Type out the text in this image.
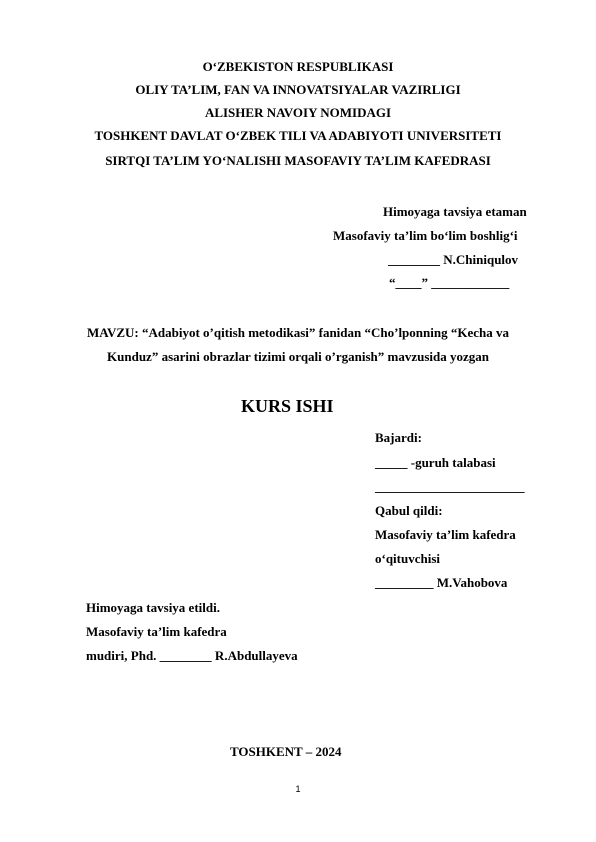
O‘ZBEKISTON RESPUBLIKASI
OLIY TA’LIM, FAN VA INNOVATSIYALAR VAZIRLIGI
ALISHER NAVOIY NOMIDAGI
TOSHKENT DAVLAT O‘ZBEK TILI VA ADABIYOTI UNIVERSITETI
SIRTQI TA’LIM YO‘NALISHI MASOFAVIY TA’LIM KAFEDRASI
Himoyaga tavsiya etaman
Masofaviy ta’lim bo‘lim boshlig‘i
________ N.Chiniqulov
“____” ____________
MAVZU: “Adabiyot o’qitish metodikasi” fanidan “Cho’lponning “Kecha va
Kunduz” asarini obrazlar tizimi orqali o’rganish” mavzusida yozgan
KURS ISHI
Bajardi:
_____ -guruh talabasi
_______________________
Qabul qildi:
Masofaviy ta’lim kafedra
o‘qituvchisi
_________ M.Vahobova
Himoyaga tavsiya etildi.
Masofaviy ta’lim kafedra
mudiri, Phd. ________ R.Abdullayeva
TOSHKENT – 2024
1
